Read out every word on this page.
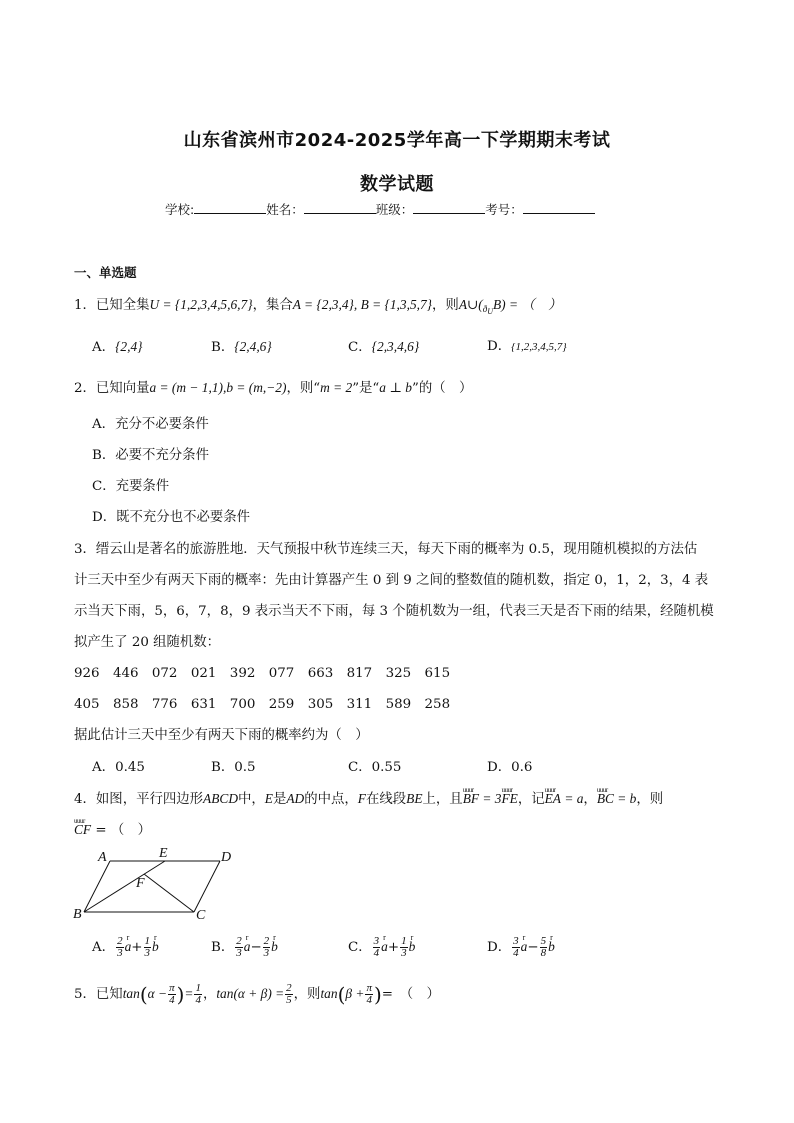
山东省滨州市2024-2025学年高一下学期期末考试
数学试题
学校:	姓名：	班级：	考号：
一、单选题
1．已知全集U = {1,2,3,4,5,6,7}，集合A = {2,3,4}, B = {1,3,5,7}，则$A\cup(_{ðU}B)$ = （　）
A．{2,4}	B．{2,4,6}	C．{2,3,4,6}	D．{1,2,3,4,5,7}
2．已知向量a = (m − 1,1),b = (m,−2)，则“m = 2”是“a ⊥ b”的（　）
A．充分不必要条件
B．必要不充分条件
C．充要条件
D．既不充分也不必要条件
3．缙云山是著名的旅游胜地．天气预报中秋节连续三天，每天下雨的概率为 0.5，现用随机模拟的方法估
计三天中至少有两天下雨的概率：先由计算器产生 0 到 9 之间的整数值的随机数，指定 0，1，2，3，4 表
示当天下雨，5，6，7，8，9 表示当天不下雨，每 3 个随机数为一组，代表三天是否下雨的结果，经随机模
拟产生了 20 组随机数：
926　446　072　021　392　077　663　817　325　615
405　858　776　631　700　259　305　311　589　258
据此估计三天中至少有两天下雨的概率约为（　）
A．0.45	B．0.5	C．0.55	D．0.6
4．如图，平行四边形ABCD中，E是AD的中点，F在线段BE上，且uuur BF = 3uuur FE，记uuur EA = a，uuur BC = b，则
uuur CF = （　）
A
B	C
D
E
F
A． $\frac{2}{3}$ r $a+ \frac{1}{3}$ r b	B． $\frac{2}{3}$ r $a- \frac{2}{3}$ r b	C． $\frac{3}{4}$ r $a+ \frac{1}{3}$ r b	D． $\frac{3}{4}$ r $a- \frac{5}{8}$ r b
5．已知$\tan(\alpha - \frac{\pi}{4}$ )= $\frac{1}{4}$ ，$\tan(\alpha + \beta) = \frac{2}{5}$ ，则$\tan(\beta + \frac{\pi}{4}$ )=　（　）
